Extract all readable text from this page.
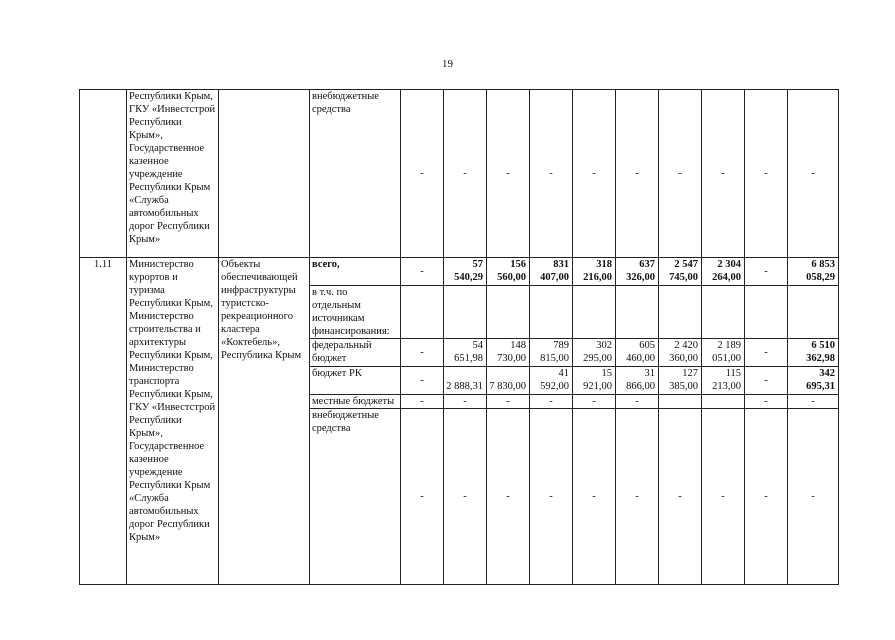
19
	Республики Крым, ГКУ «Инвестстрой Республики Крым», Государственное казенное учреждение Республики Крым «Служба автомобильных дорог Республики Крым»		внебюджетные средства	-	-	-	-	-	-	-	-	-	-
1.11	Министерство курортов и туризма Республики Крым, Министерство строительства и архитектуры Республики Крым, Министерство транспорта Республики Крым, ГКУ «Инвестстрой Республики Крым», Государственное казенное учреждение Республики Крым «Служба автомобильных дорог Республики Крым»	Объекты обеспечивающей инфраструктуры туристско-рекреационного кластера «Коктебель», Республика Крым	всего,	-	57 540,29	156 560,00	831 407,00	318 216,00	637 326,00	2 547 745,00	2 304 264,00	-	6 853 058,29
			в т.ч. по отдельным источникам финансирования:										
			федеральный бюджет	-	54 651,98	148 730,00	789 815,00	302 295,00	605 460,00	2 420 360,00	2 189 051,00	-	6 510 362,98
			бюджет РК	-	2 888,31	7 830,00	41 592,00	15 921,00	31 866,00	127 385,00	115 213,00	-	342 695,31
			местные бюджеты	-	-	-	-	-	-			-	-
			внебюджетные средства	-	-	-	-	-	-	-	-	-	-
